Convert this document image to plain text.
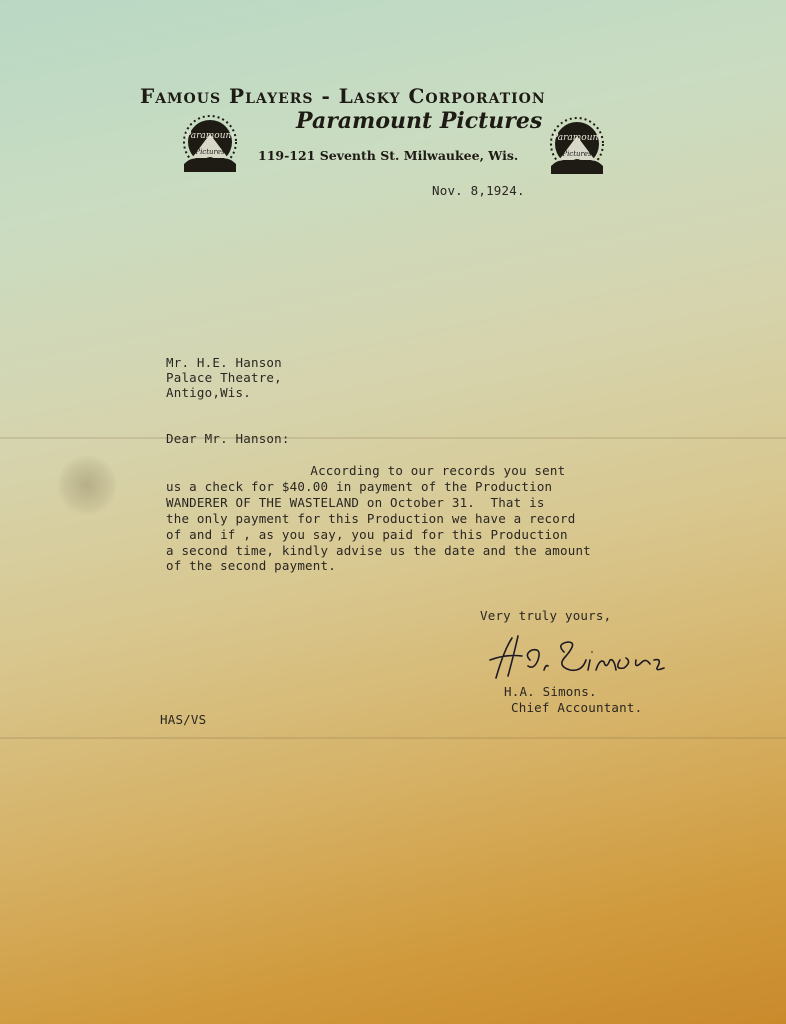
Famous Players - Lasky Corporation
Paramount Pictures
119-121 Seventh St. Milwaukee, Wis.
Paramount
Pictures
Paramount
Pictures
Nov. 8,1924.
Mr. H.E. Hanson
Palace Theatre,
Antigo,Wis.
Dear Mr. Hanson:
According to our records you sent
us a check for $40.00 in payment of the Production
WANDERER OF THE WASTELAND on October 31.  That is
the only payment for this Production we have a record
of and if , as you say, you paid for this Production
a second time, kindly advise us the date and the amount
of the second payment.
Very truly yours,
H.A. Simons
H.A. Simons.
Chief Accountant.
HAS/VS
